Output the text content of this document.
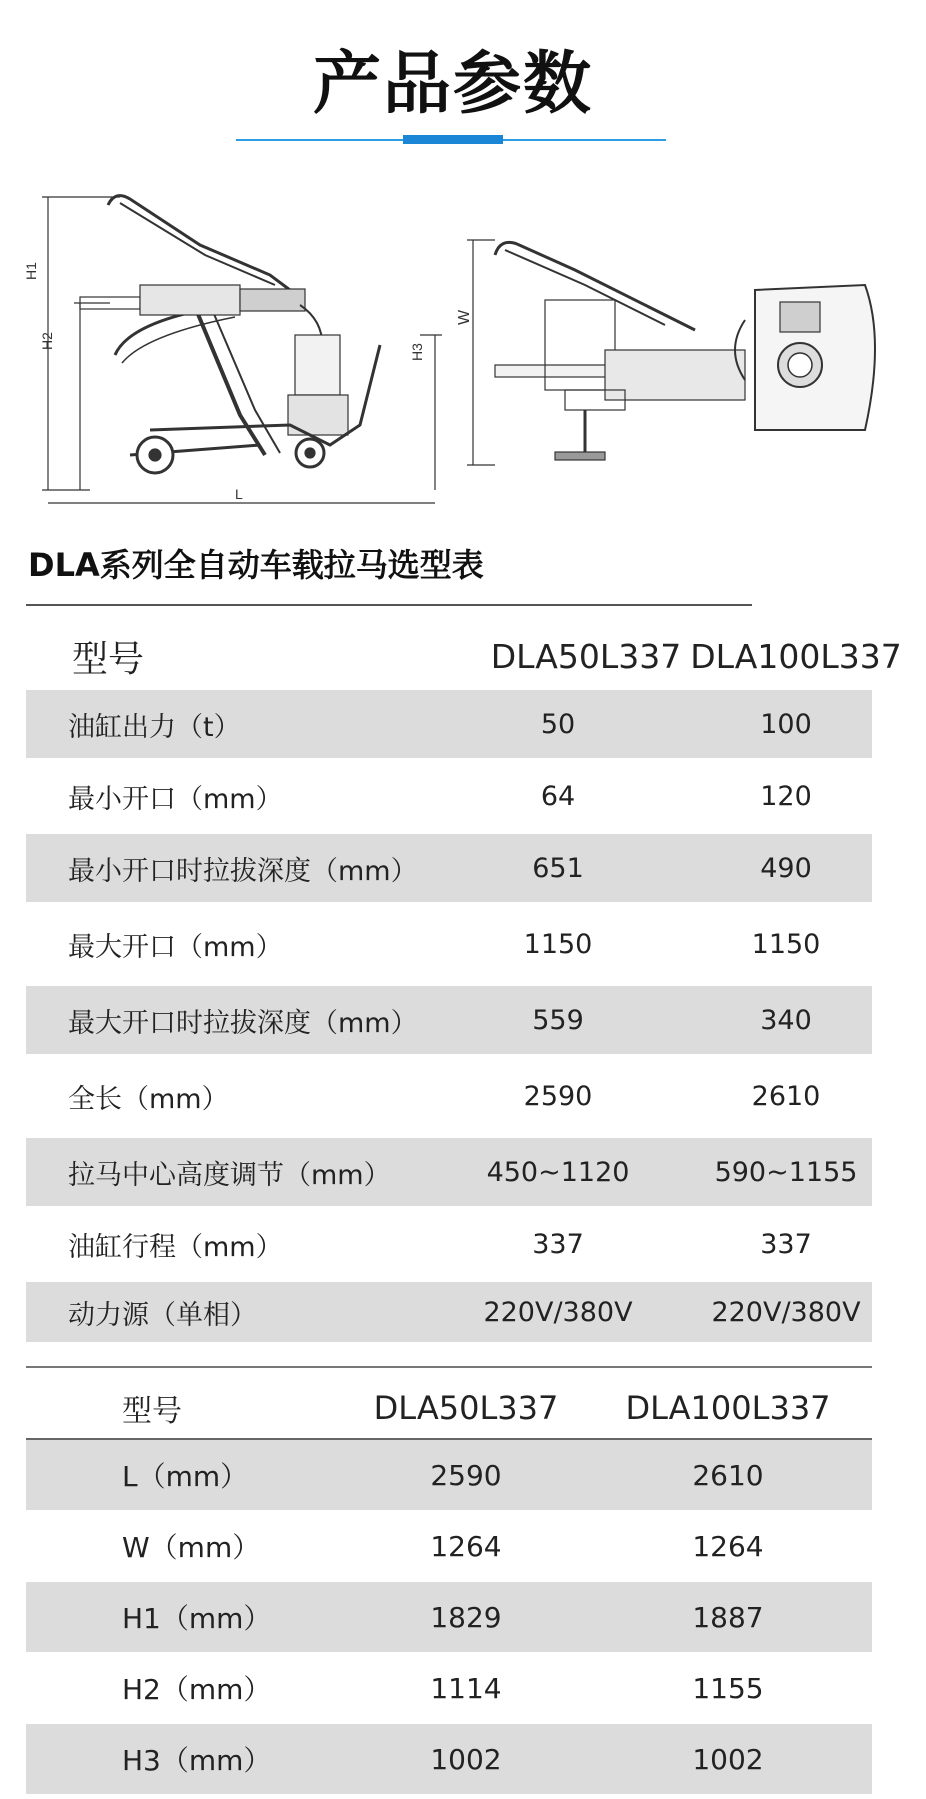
产品参数
H1
H2
H3
L
W
DLA系列全自动车载拉马选型表
型号	DLA50L337 DLA100L337
油缸出力（t）	50	100
最小开口（mm）	64	120
最小开口时拉拔深度（mm）	651	490
最大开口（mm）	1150	1150
最大开口时拉拔深度（mm）	559	340
全长（mm）	2590	2610
拉马中心高度调节（mm）	450~1120	590~1155
油缸行程（mm）	337	337
动力源（单相）	220V/380V	220V/380V
型号	DLA50L337	DLA100L337
L（mm）	2590	2610
W（mm）	1264	1264
H1（mm）	1829	1887
H2（mm）	1114	1155
H3（mm）	1002	1002
